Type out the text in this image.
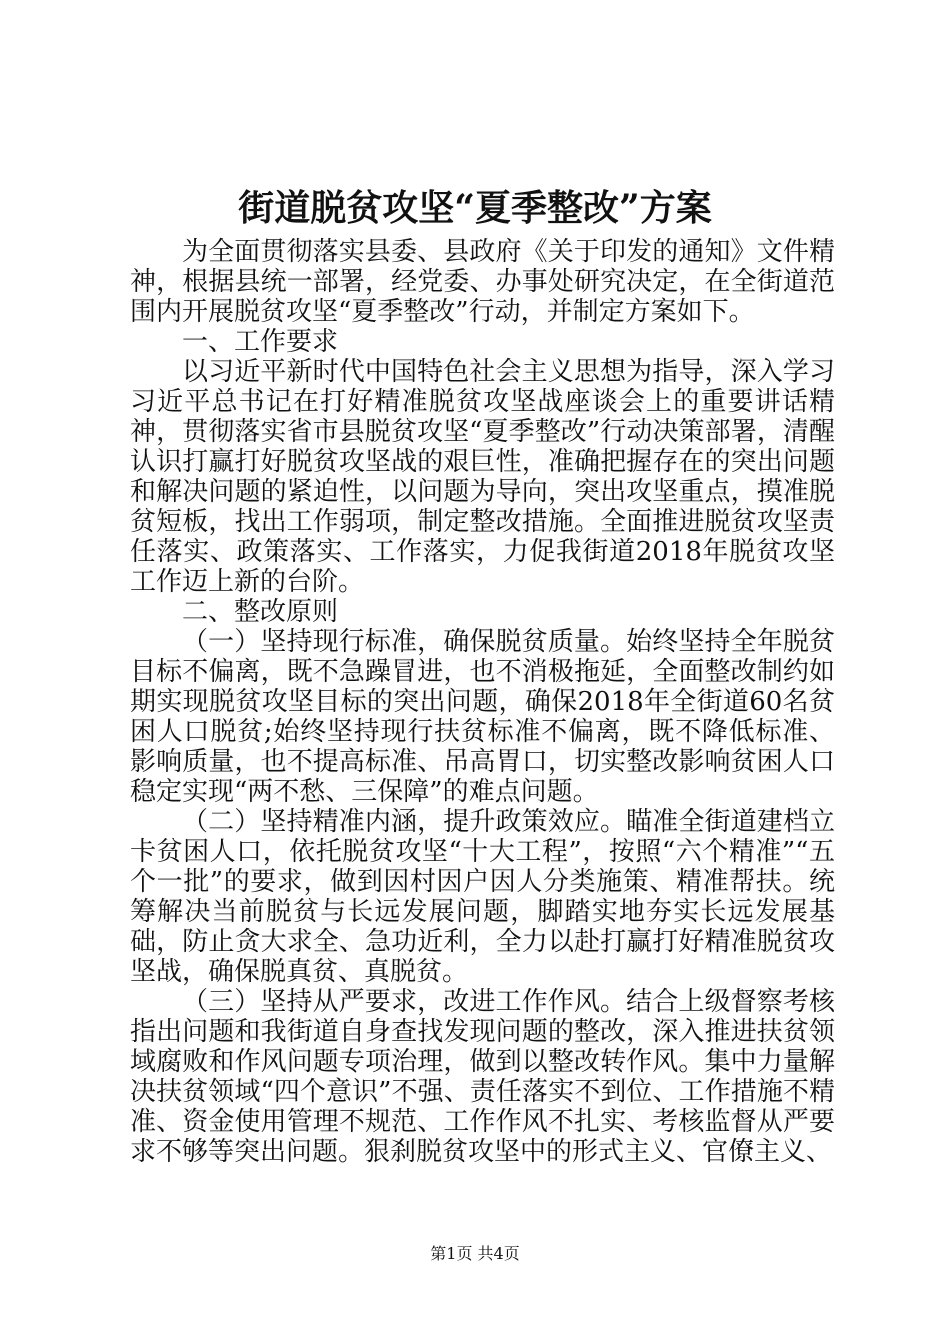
街道脱贫攻坚“夏季整改”方案

为全面贯彻落实县委、县政府《关于印发的通知》文件精神，根据县统一部署，经党委、办事处研究决定，在全街道范围内开展脱贫攻坚“夏季整改”行动，并制定方案如下。

一、工作要求

以习近平新时代中国特色社会主义思想为指导，深入学习习近平总书记在打好精准脱贫攻坚战座谈会上的重要讲话精神，贯彻落实省市县脱贫攻坚“夏季整改”行动决策部署，清醒认识打赢打好脱贫攻坚战的艰巨性，准确把握存在的突出问题和解决问题的紧迫性，以问题为导向，突出攻坚重点，摸准脱贫短板，找出工作弱项，制定整改措施。全面推进脱贫攻坚责任落实、政策落实、工作落实，力促我街道2018年脱贫攻坚工作迈上新的台阶。

二、整改原则

（一）坚持现行标准，确保脱贫质量。始终坚持全年脱贫目标不偏离，既不急躁冒进，也不消极拖延，全面整改制约如期实现脱贫攻坚目标的突出问题，确保2018年全街道60名贫困人口脱贫;始终坚持现行扶贫标准不偏离，既不降低标准、影响质量，也不提高标准、吊高胃口，切实整改影响贫困人口稳定实现“两不愁、三保障”的难点问题。

（二）坚持精准内涵，提升政策效应。瞄准全街道建档立卡贫困人口，依托脱贫攻坚“十大工程”，按照“六个精准”“五个一批”的要求，做到因村因户因人分类施策、精准帮扶。统筹解决当前脱贫与长远发展问题，脚踏实地夯实长远发展基础，防止贪大求全、急功近利，全力以赴打赢打好精准脱贫攻坚战，确保脱真贫、真脱贫。

（三）坚持从严要求，改进工作作风。结合上级督察考核指出问题和我街道自身查找发现问题的整改，深入推进扶贫领域腐败和作风问题专项治理，做到以整改转作风。集中力量解决扶贫领域“四个意识”不强、责任落实不到位、工作措施不精准、资金使用管理不规范、工作作风不扎实、考核监督从严要求不够等突出问题。狠刹脱贫攻坚中的形式主义、官僚主义、

第1页 共4页
